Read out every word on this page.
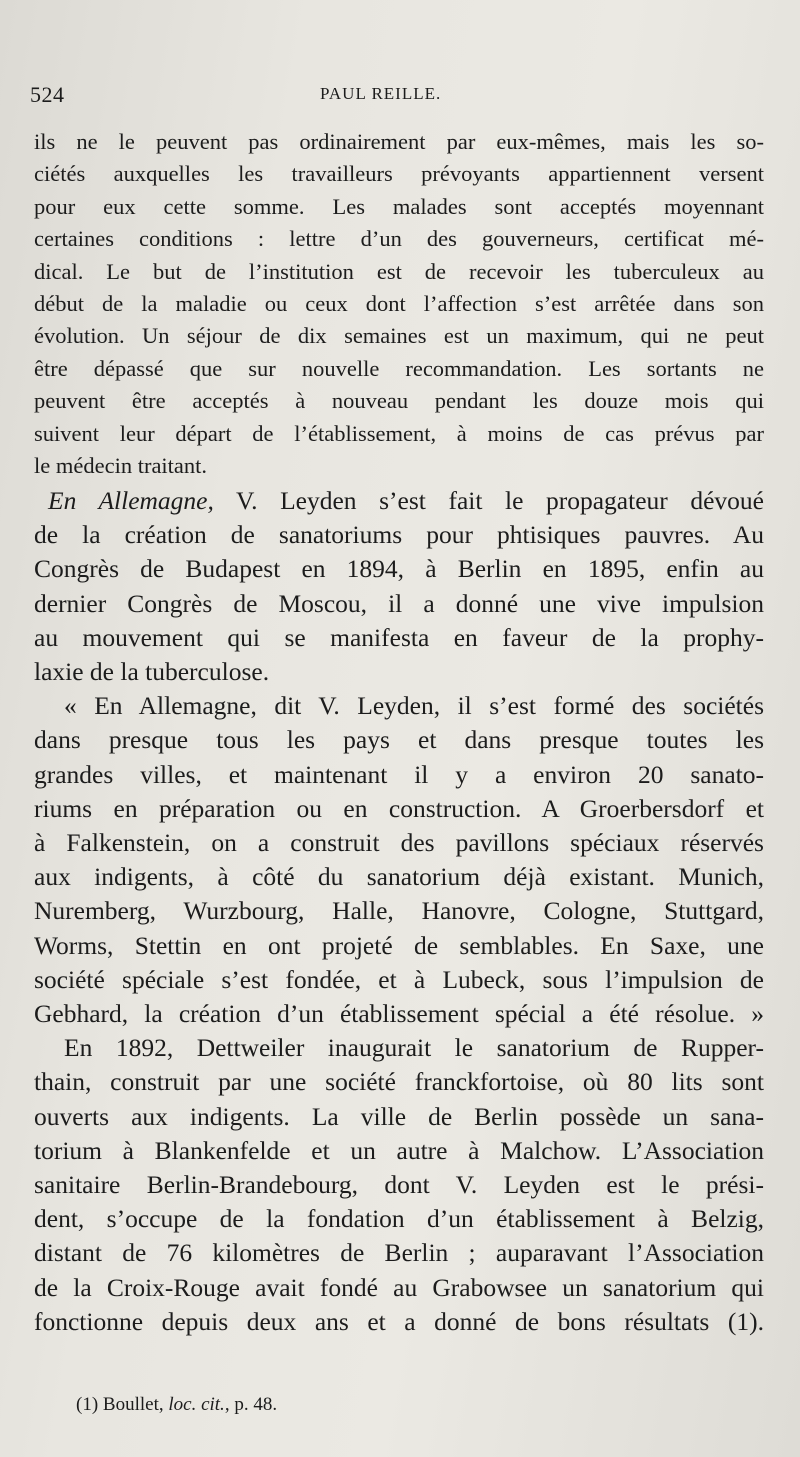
524	PAUL REILLE.
ils ne le peuvent pas ordinairement par eux-mêmes, mais les so-
ciétés auxquelles les travailleurs prévoyants appartiennent versent
pour eux cette somme. Les malades sont acceptés moyennant
certaines conditions : lettre d’un des gouverneurs, certificat mé-
dical. Le but de l’institution est de recevoir les tuberculeux au
début de la maladie ou ceux dont l’affection s’est arrêtée dans son
évolution. Un séjour de dix semaines est un maximum, qui ne peut
être dépassé que sur nouvelle recommandation. Les sortants ne
peuvent être acceptés à nouveau pendant les douze mois qui
suivent leur départ de l’établissement, à moins de cas prévus par
le médecin traitant.
En Allemagne, V. Leyden s’est fait le propagateur dévoué
de la création de sanatoriums pour phtisiques pauvres. Au
Congrès de Budapest en 1894, à Berlin en 1895, enfin au
dernier Congrès de Moscou, il a donné une vive impulsion
au mouvement qui se manifesta en faveur de la prophy-
laxie de la tuberculose.
« En Allemagne, dit V. Leyden, il s’est formé des sociétés
dans presque tous les pays et dans presque toutes les
grandes villes, et maintenant il y a environ 20 sanato-
riums en préparation ou en construction. A Groerbersdorf et
à Falkenstein, on a construit des pavillons spéciaux réservés
aux indigents, à côté du sanatorium déjà existant. Munich,
Nuremberg, Wurzbourg, Halle, Hanovre, Cologne, Stuttgard,
Worms, Stettin en ont projeté de semblables. En Saxe, une
société spéciale s’est fondée, et à Lubeck, sous l’impulsion de
Gebhard, la création d’un établissement spécial a été résolue. »
En 1892, Dettweiler inaugurait le sanatorium de Rupper-
thain, construit par une société franckfortoise, où 80 lits sont
ouverts aux indigents. La ville de Berlin possède un sana-
torium à Blankenfelde et un autre à Malchow. L’Association
sanitaire Berlin-Brandebourg, dont V. Leyden est le prési-
dent, s’occupe de la fondation d’un établissement à Belzig,
distant de 76 kilomètres de Berlin ; auparavant l’Association
de la Croix-Rouge avait fondé au Grabowsee un sanatorium qui
fonctionne depuis deux ans et a donné de bons résultats (1).
(1) Boullet, loc. cit., p. 48.
